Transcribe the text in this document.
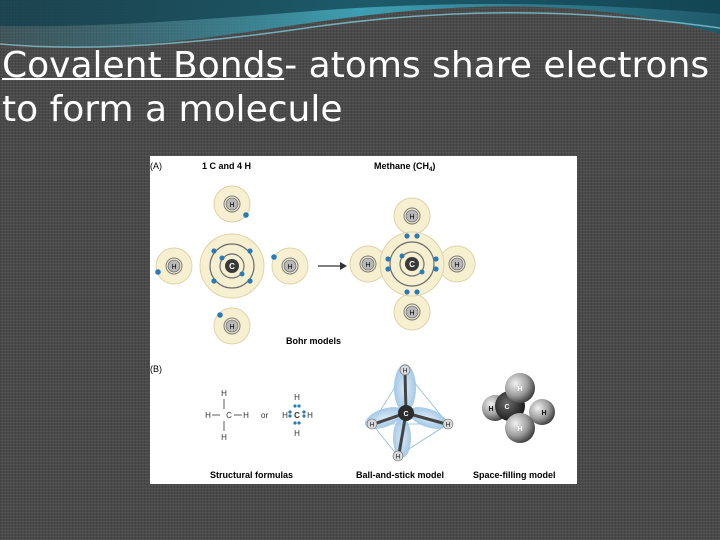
Covalent Bonds- atoms share electrons to form a molecule
(A)	1 C and 4 H	Methane $(CH_4)$
H
H
H	H
C
H
H
H	H
C
Bohr models
(B)
H
H C H
H
or
H
H C H
H
H
H	H
H
C
H
H C
H
H
Structural formulas	Ball-and-stick model	Space-filling model
